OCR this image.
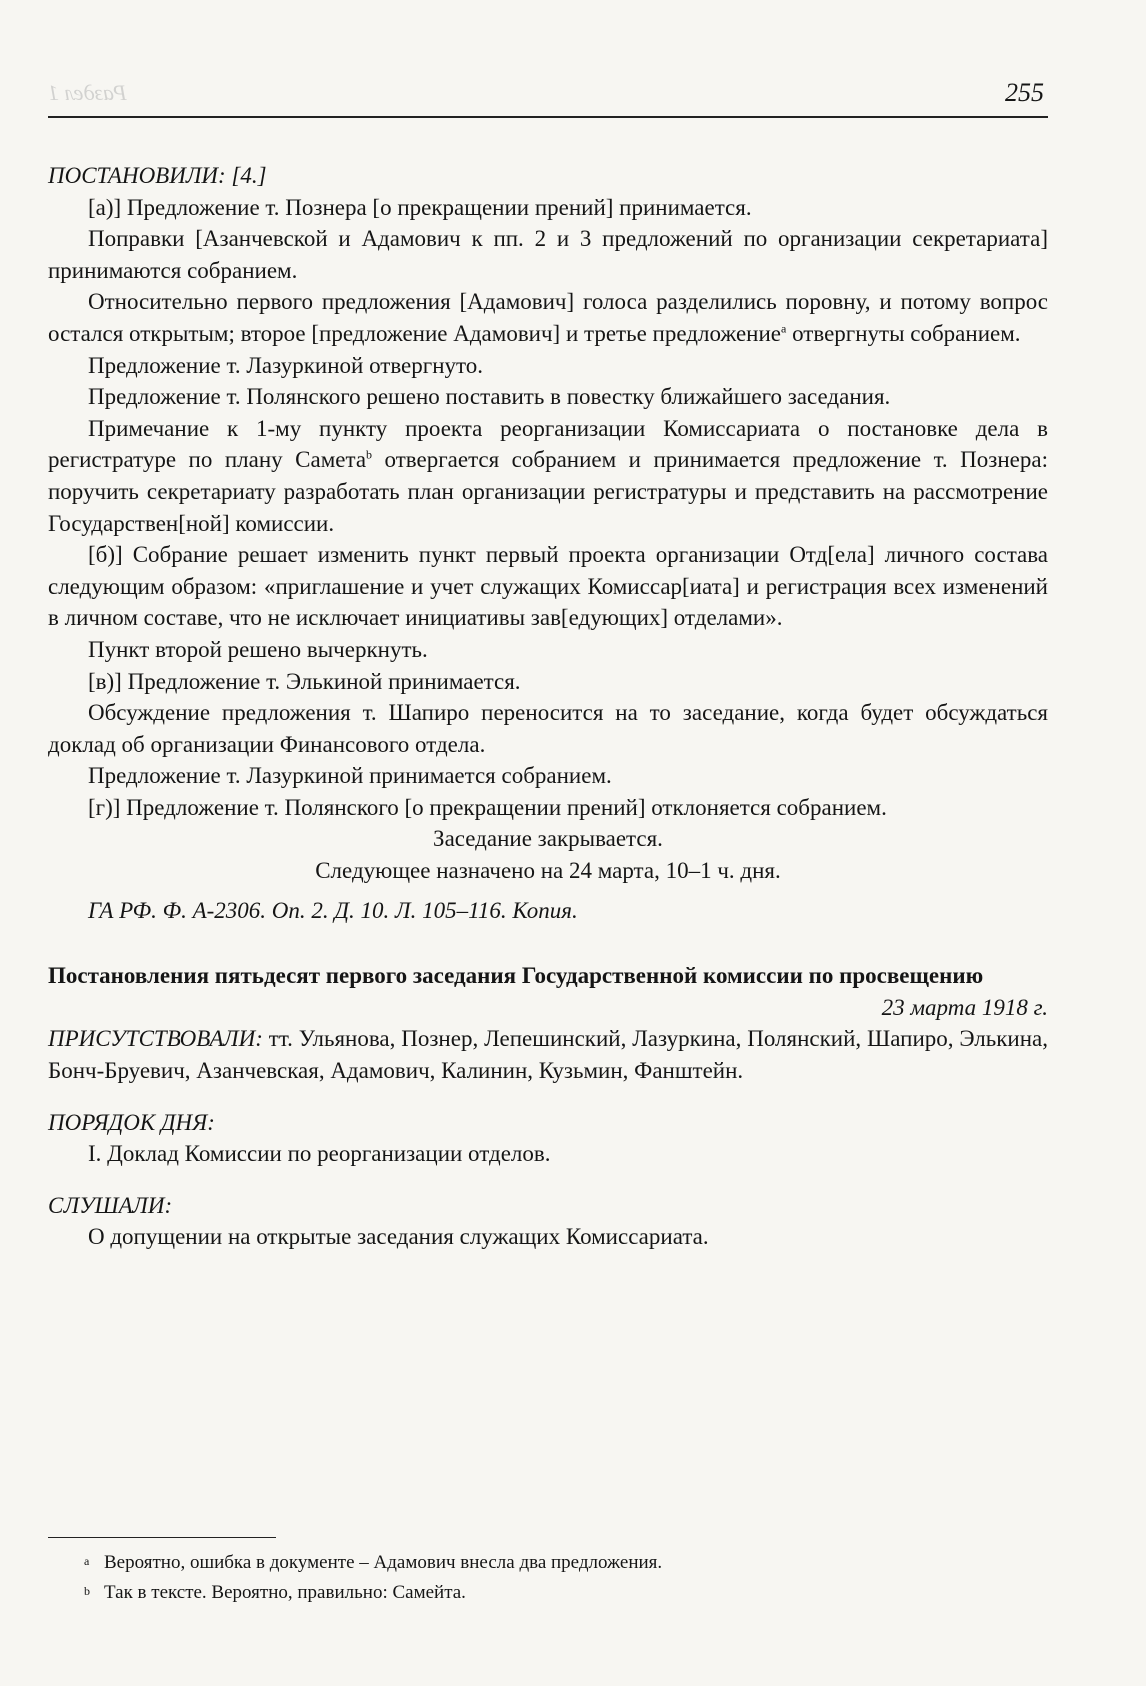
Раздел 1	255

ПОСТАНОВИЛИ: [4.]

[а)] Предложение т. Познера [о прекращении прений] принимается.

Поправки [Азанчевской и Адамович к пп. 2 и 3 предложений по организации секретариата] принимаются собранием.

Относительно первого предложения [Адамович] голоса разделились поровну, и потому вопрос остался открытым; второе [предложение Адамович] и третье предложение$^a$ отвергнуты собранием.

Предложение т. Лазуркиной отвергнуто.

Предложение т. Полянского решено поставить в повестку ближайшего заседания.

Примечание к 1-му пункту проекта реорганизации Комиссариата о постановке дела в регистратуре по плану Самета$^b$ отвергается собранием и принимается предложение т. Познера: поручить секретариату разработать план организации регистратуры и представить на рассмотрение Государствен[ной] комиссии.

[б)] Собрание решает изменить пункт первый проекта организации Отд[ела] личного состава следующим образом: «приглашение и учет служащих Комиссар[иата] и регистрация всех изменений в личном составе, что не исключает инициативы зав[едующих] отделами».

Пункт второй решено вычеркнуть.

[в)] Предложение т. Элькиной принимается.

Обсуждение предложения т. Шапиро переносится на то заседание, когда будет обсуждаться доклад об организации Финансового отдела.

Предложение т. Лазуркиной принимается собранием.

[г)] Предложение т. Полянского [о прекращении прений] отклоняется собранием.

Заседание закрывается.

Следующее назначено на 24 марта, 10–1 ч. дня.

ГА РФ. Ф. А-2306. Оп. 2. Д. 10. Л. 105–116. Копия.

Постановления пятьдесят первого заседания Государственной комиссии по просвещению

23 марта 1918 г.

ПРИСУТСТВОВАЛИ: тт. Ульянова, Познер, Лепешинский, Лазуркина, Полянский, Шапиро, Элькина, Бонч-Бруевич, Азанчевская, Адамович, Калинин, Кузьмин, Фанштейн.

ПОРЯДОК ДНЯ:

I. Доклад Комиссии по реорганизации отделов.

СЛУШАЛИ:

О допущении на открытые заседания служащих Комиссариата.

a Вероятно, ошибка в документе – Адамович внесла два предложения.
b Так в тексте. Вероятно, правильно: Самейта.
